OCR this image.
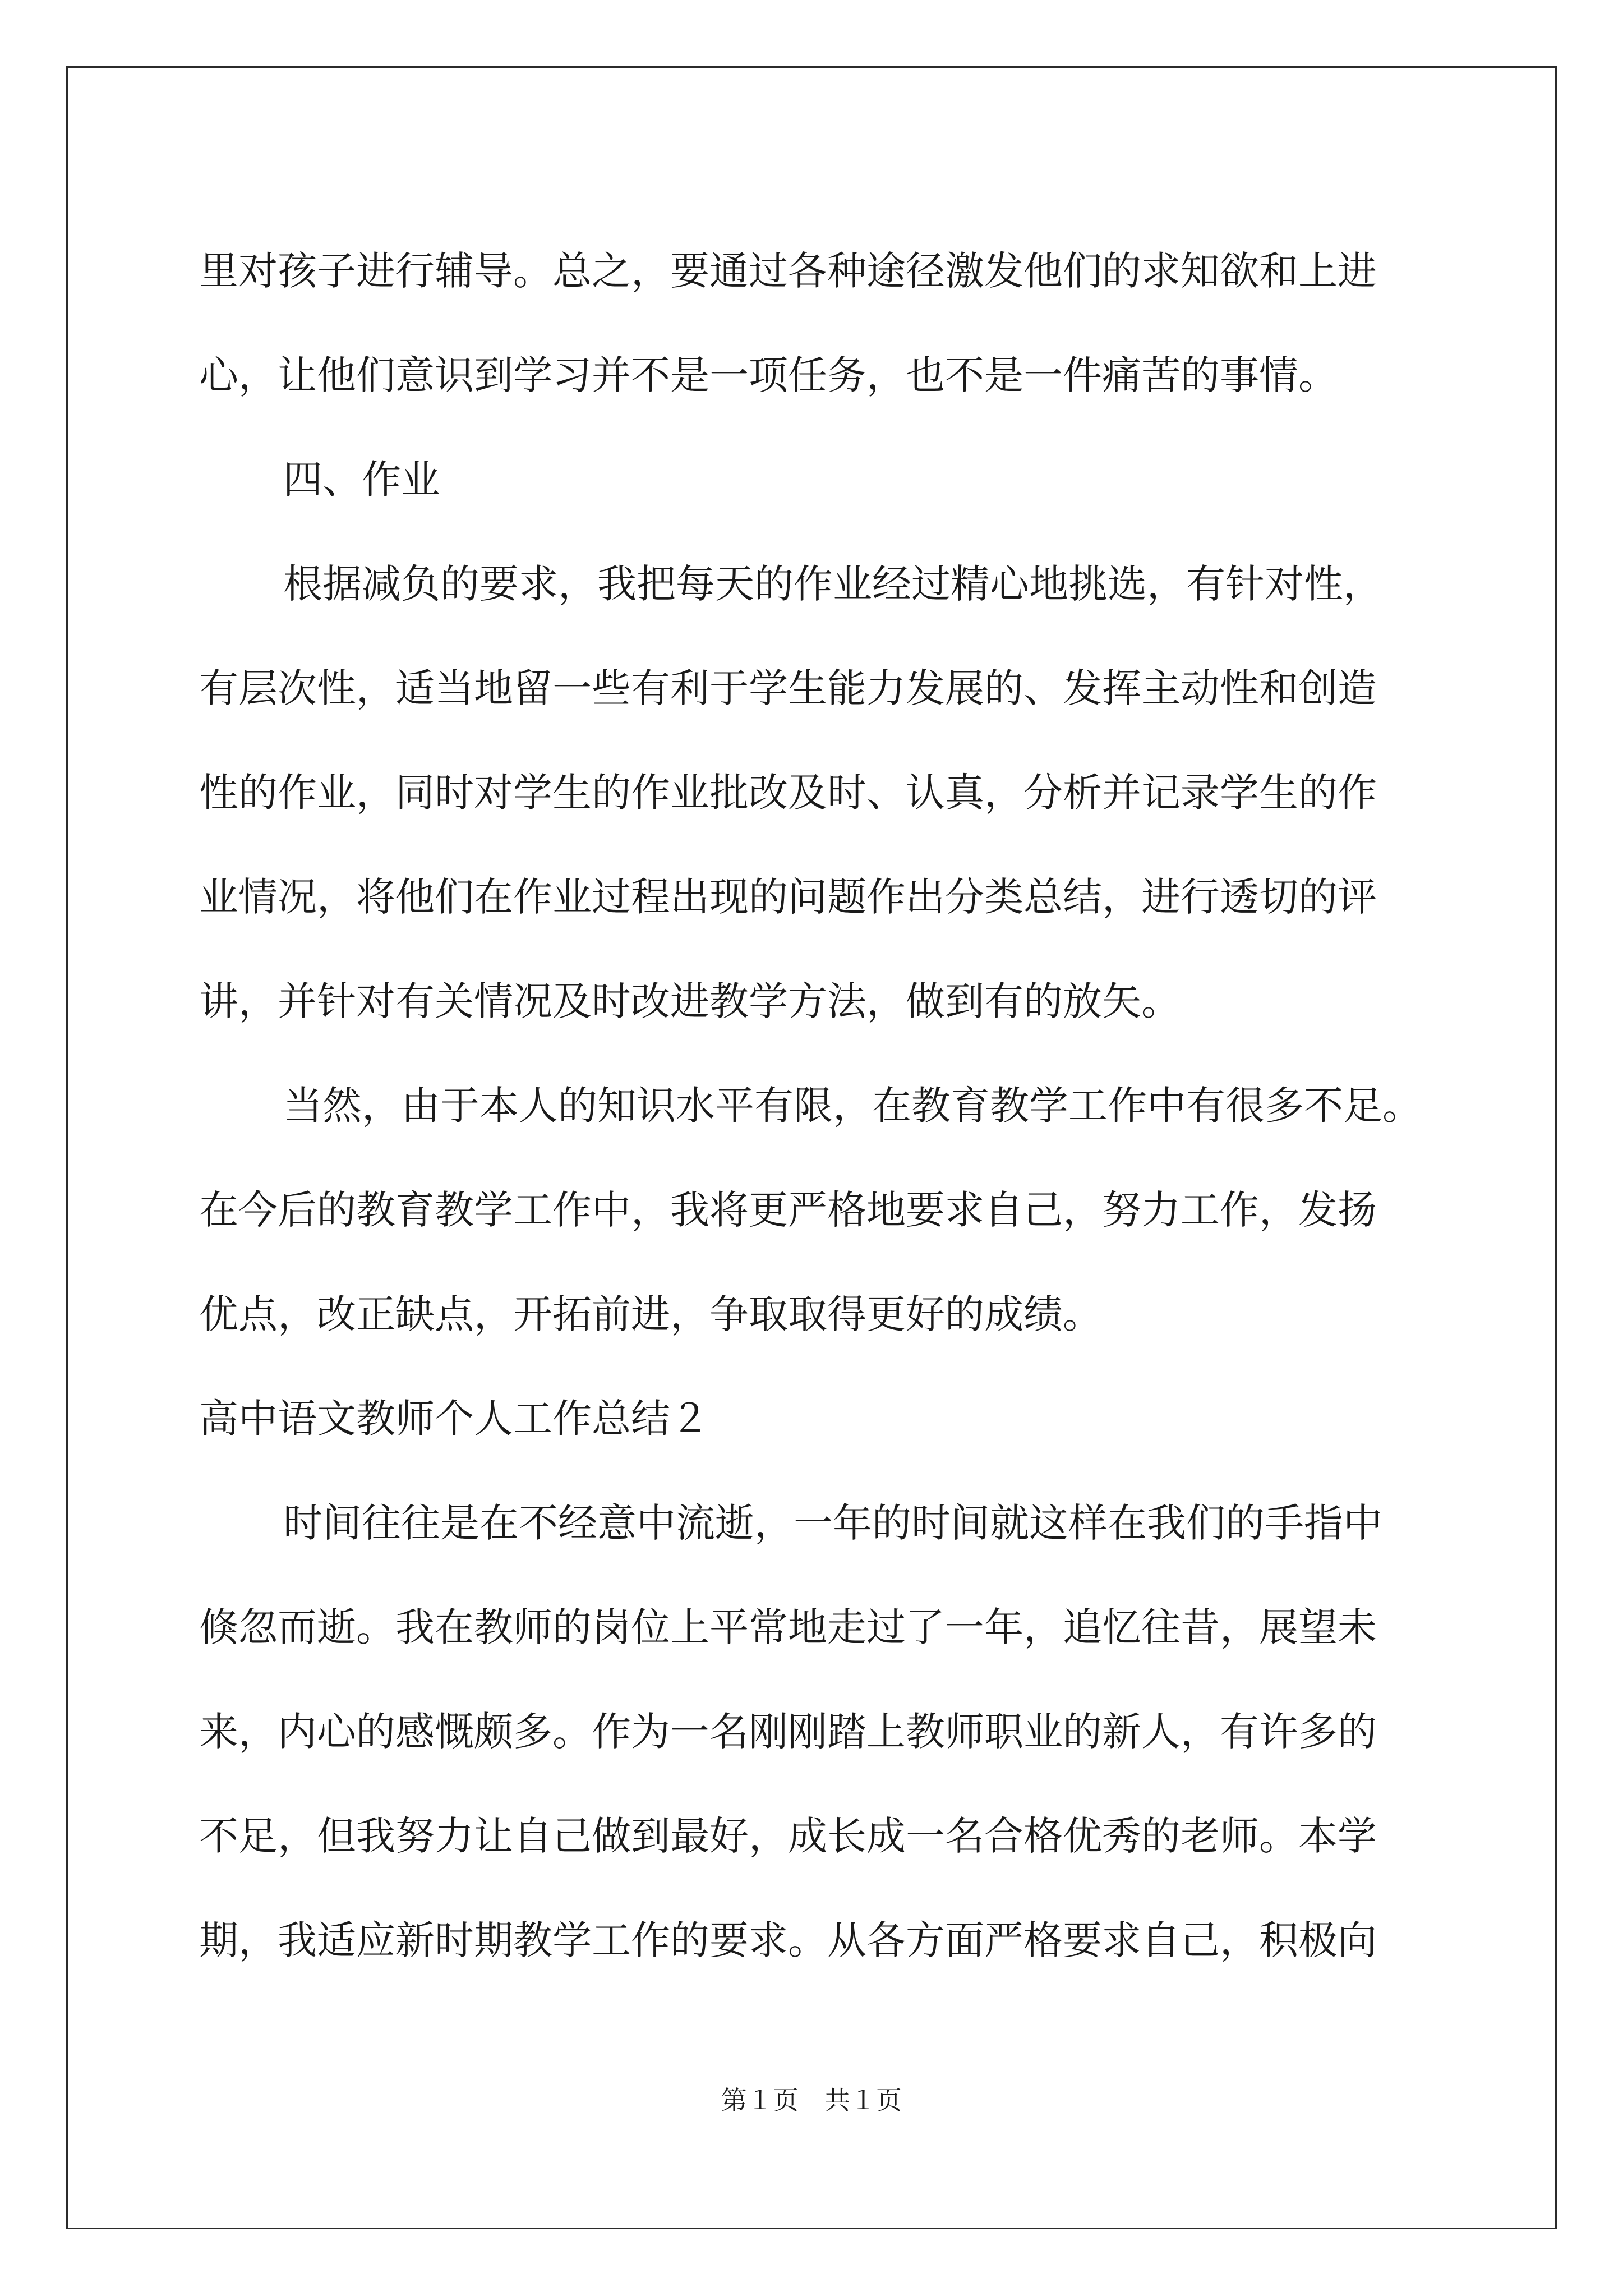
里对孩子进行辅导。总之，要通过各种途径激发他们的求知欲和上进
心，让他们意识到学习并不是一项任务，也不是一件痛苦的事情。
四、作业
根据减负的要求，我把每天的作业经过精心地挑选，有针对性，
有层次性，适当地留一些有利于学生能力发展的、发挥主动性和创造
性的作业，同时对学生的作业批改及时、认真，分析并记录学生的作
业情况，将他们在作业过程出现的问题作出分类总结，进行透切的评
讲，并针对有关情况及时改进教学方法，做到有的放矢。
当然，由于本人的知识水平有限，在教育教学工作中有很多不足。
在今后的教育教学工作中，我将更严格地要求自己，努力工作，发扬
优点，改正缺点，开拓前进，争取取得更好的成绩。
高中语文教师个人工作总结２
时间往往是在不经意中流逝，一年的时间就这样在我们的手指中
倏忽而逝。我在教师的岗位上平常地走过了一年，追忆往昔，展望未
来，内心的感慨颇多。作为一名刚刚踏上教师职业的新人，有许多的
不足，但我努力让自己做到最好，成长成一名合格优秀的老师。本学
期，我适应新时期教学工作的要求。从各方面严格要求自己，积极向
第１页　共１页
